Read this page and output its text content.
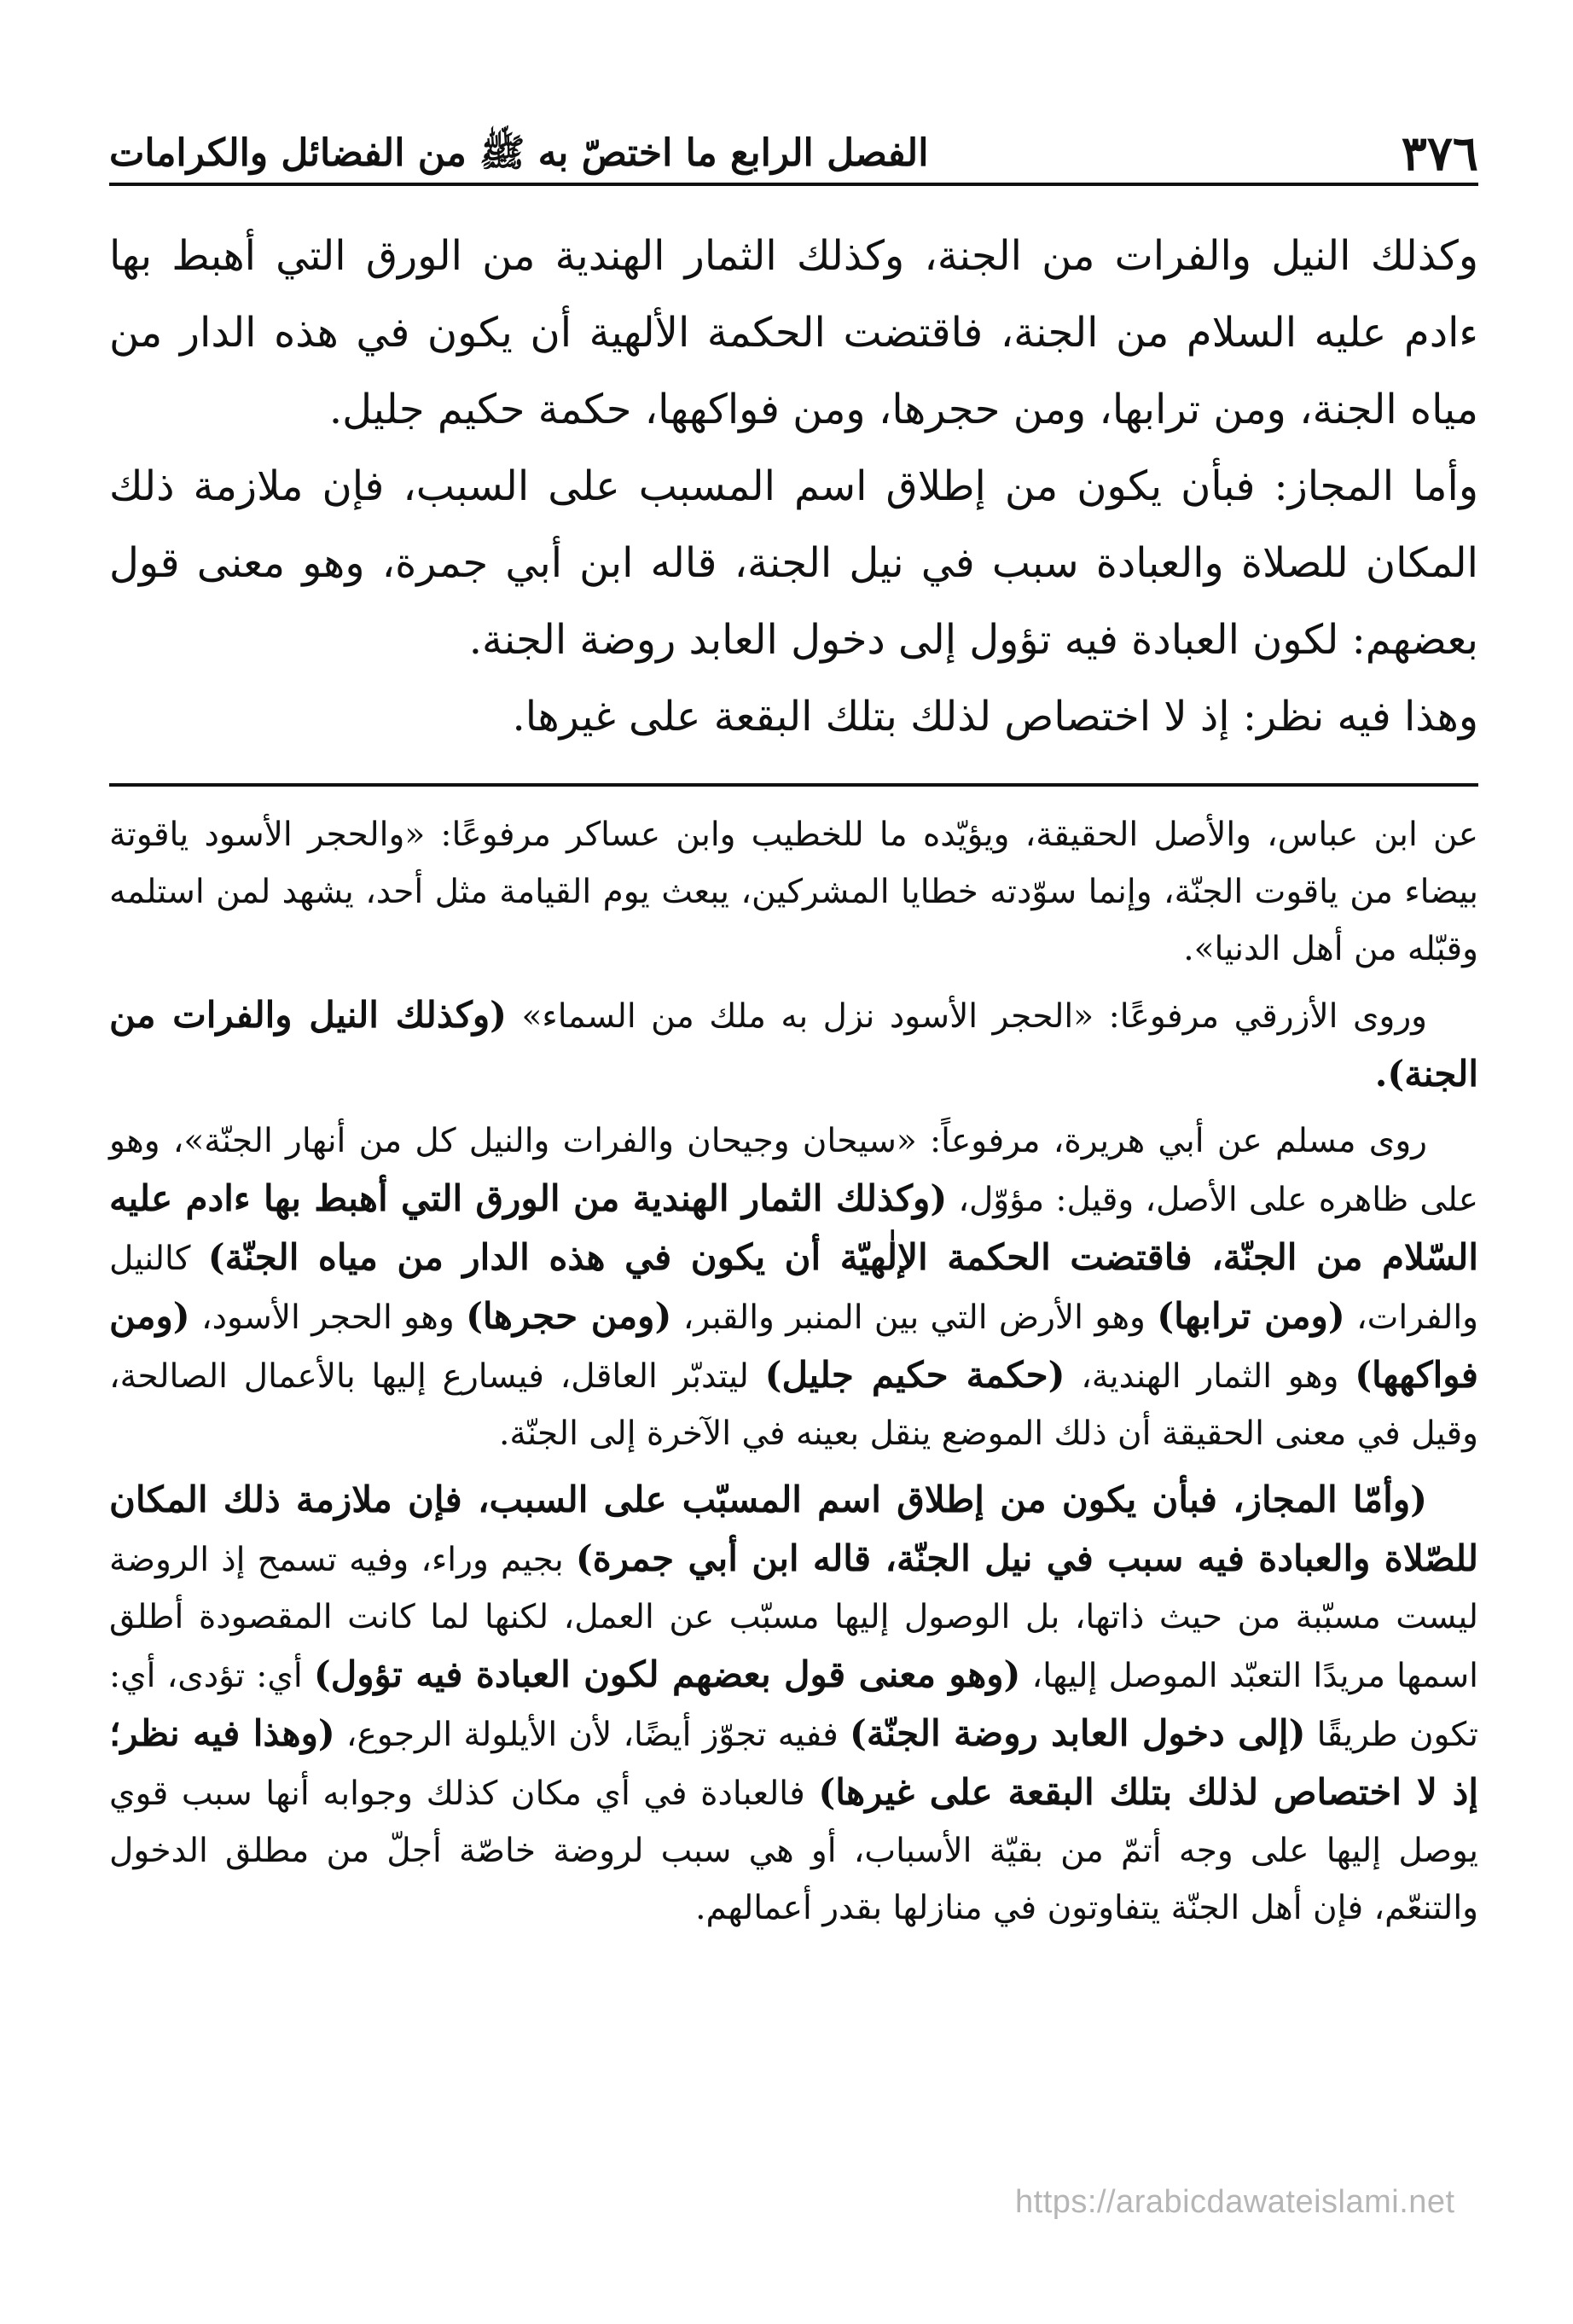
٣٧٦
الفصل الرابع ما اختصّ به ﷺ من الفضائل والكرامات

وكذلك النيل والفرات من الجنة، وكذلك الثمار الهندية من الورق التي أهبط بها ءادم عليه السلام من الجنة، فاقتضت الحكمة الألهية أن يكون في هذه الدار من مياه الجنة، ومن ترابها، ومن حجرها، ومن فواكهها، حكمة حكيم جليل.

وأما المجاز: فبأن يكون من إطلاق اسم المسبب على السبب، فإن ملازمة ذلك المكان للصلاة والعبادة سبب في نيل الجنة، قاله ابن أبي جمرة، وهو معنى قول بعضهم: لكون العبادة فيه تؤول إلى دخول العابد روضة الجنة.

وهذا فيه نظر: إذ لا اختصاص لذلك بتلك البقعة على غيرها.

عن ابن عباس، والأصل الحقيقة، ويؤيّده ما للخطيب وابن عساكر مرفوعًا: «والحجر الأسود ياقوتة بيضاء من ياقوت الجنّة، وإنما سوّدته خطايا المشركين، يبعث يوم القيامة مثل أحد، يشهد لمن استلمه وقبّله من أهل الدنيا».

وروى الأزرقي مرفوعًا: «الحجر الأسود نزل به ملك من السماء» (وكذلك النيل والفرات من الجنة).

روى مسلم عن أبي هريرة، مرفوعاً: «سيحان وجيحان والفرات والنيل كل من أنهار الجنّة»، وهو على ظاهره على الأصل، وقيل: مؤوّل، (وكذلك الثمار الهندية من الورق التي أهبط بها ءادم عليه السّلام من الجنّة، فاقتضت الحكمة الإلٰهيّة أن يكون في هذه الدار من مياه الجنّة) كالنيل والفرات، (ومن ترابها) وهو الأرض التي بين المنبر والقبر، (ومن حجرها) وهو الحجر الأسود، (ومن فواكهها) وهو الثمار الهندية، (حكمة حكيم جليل) ليتدبّر العاقل، فيسارع إليها بالأعمال الصالحة، وقيل في معنى الحقيقة أن ذلك الموضع ينقل بعينه في الآخرة إلى الجنّة.

(وأمّا المجاز، فبأن يكون من إطلاق اسم المسبّب على السبب، فإن ملازمة ذلك المكان للصّلاة والعبادة فيه سبب في نيل الجنّة، قاله ابن أبي جمرة) بجيم وراء، وفيه تسمح إذ الروضة ليست مسبّبة من حيث ذاتها، بل الوصول إليها مسبّب عن العمل، لكنها لما كانت المقصودة أطلق اسمها مريدًا التعبّد الموصل إليها، (وهو معنى قول بعضهم لكون العبادة فيه تؤول) أي: تؤدى، أي: تكون طريقًا (إلى دخول العابد روضة الجنّة) ففيه تجوّز أيضًا، لأن الأيلولة الرجوع، (وهذا فيه نظر؛ إذ لا اختصاص لذلك بتلك البقعة على غيرها) فالعبادة في أي مكان كذلك وجوابه أنها سبب قوي يوصل إليها على وجه أتمّ من بقيّة الأسباب، أو هي سبب لروضة خاصّة أجلّ من مطلق الدخول والتنعّم، فإن أهل الجنّة يتفاوتون في منازلها بقدر أعمالهم.

https://arabicdawateislami.net
